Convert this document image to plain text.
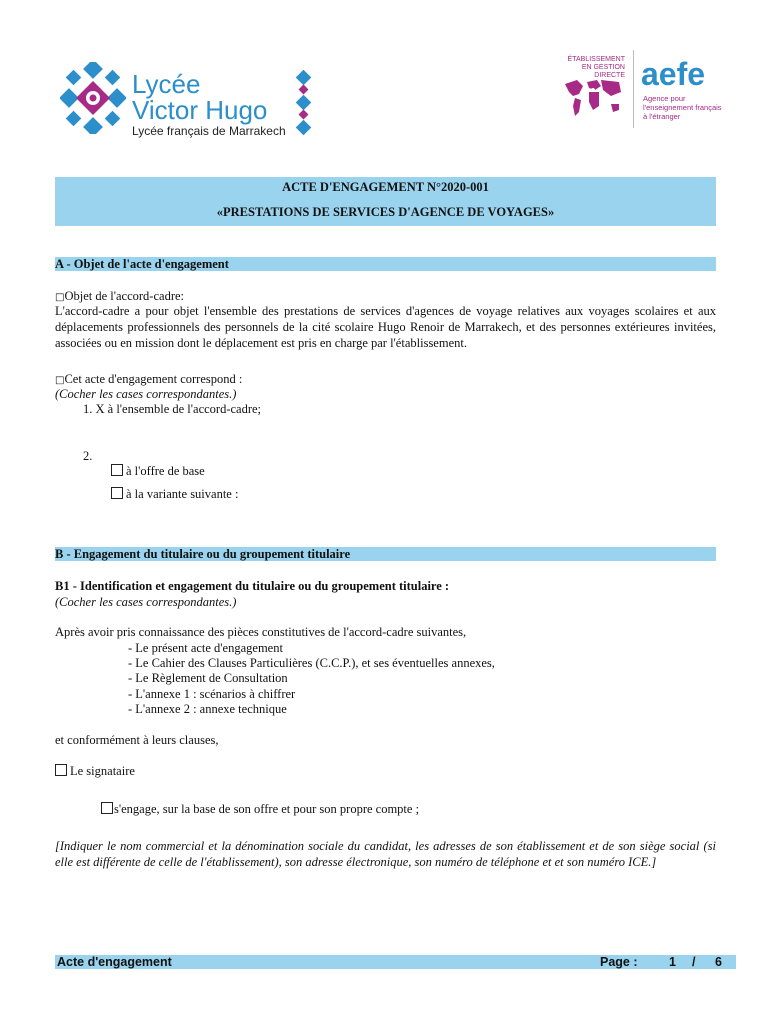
Lycée
Victor Hugo
Lycée français de Marrakech
ÉTABLISSEMENT
EN GESTION DIRECTE aefe
Agence pour
l'enseignement français
à l'étranger
ACTE D'ENGAGEMENT N°2020-001
«PRESTATIONS DE SERVICES D'AGENCE DE VOYAGES»
A - Objet de l'acte d'engagement
□Objet de l'accord-cadre:
L'accord-cadre a pour objet l'ensemble des prestations de services d'agences de voyage relatives aux voyages scolaires et aux déplacements professionnels des personnels de la cité scolaire Hugo Renoir de Marrakech, et des personnes extérieures invitées, associées ou en mission dont le déplacement est pris en charge par l'établissement.
□Cet acte d'engagement correspond :
(Cocher les cases correspondantes.)
1. X à l'ensemble de l'accord-cadre;
2.
à l'offre de base
à la variante suivante :
B - Engagement du titulaire ou du groupement titulaire
B1 - Identification et engagement du titulaire ou du groupement titulaire :
(Cocher les cases correspondantes.)
Après avoir pris connaissance des pièces constitutives de l'accord-cadre suivantes,
- Le présent acte d'engagement
- Le Cahier des Clauses Particulières (C.C.P.), et ses éventuelles annexes,
- Le Règlement de Consultation
- L'annexe 1 : scénarios à chiffrer
- L'annexe 2 : annexe technique
et conformément à leurs clauses,
Le signataire
s'engage, sur la base de son offre et pour son propre compte ;
[Indiquer le nom commercial et la dénomination sociale du candidat, les adresses de son établissement et de son siège social (si elle est différente de celle de l'établissement), son adresse électronique, son numéro de téléphone et et son numéro ICE.]
Acte d'engagement	Page :	1 / 6
